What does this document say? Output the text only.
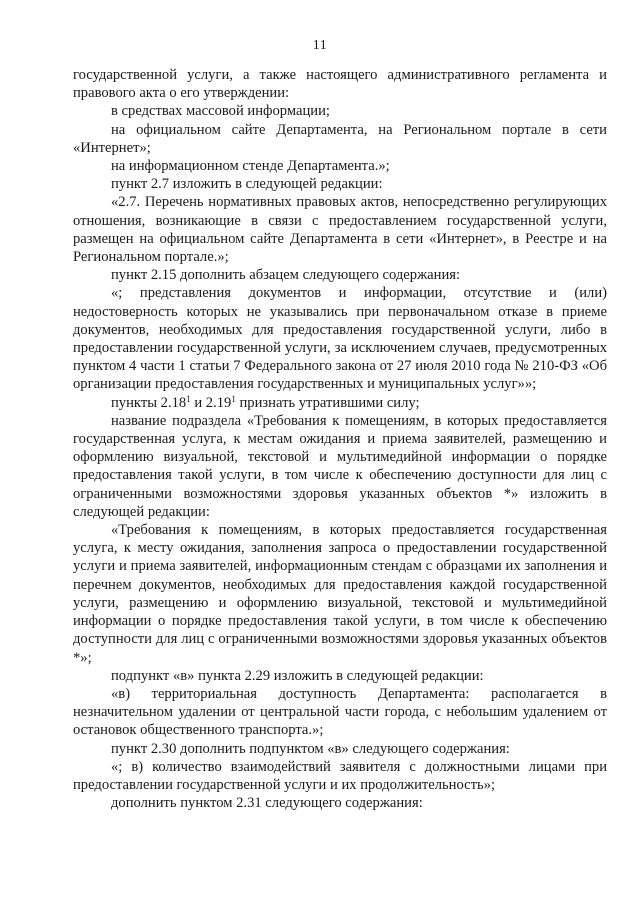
11

государственной услуги, а также настоящего административного регламента и правового акта о его утверждении:

в средствах массовой информации;

на официальном сайте Департамента, на Региональном портале в сети «Интернет»;

на информационном стенде Департамента.»;

пункт 2.7 изложить в следующей редакции:

«2.7. Перечень нормативных правовых актов, непосредственно регулирующих отношения, возникающие в связи с предоставлением государственной услуги, размещен на официальном сайте Департамента в сети «Интернет», в Реестре и на Региональном портале.»;

пункт 2.15 дополнить абзацем следующего содержания:

«; представления документов и информации, отсутствие и (или) недостоверность которых не указывались при первоначальном отказе в приеме документов, необходимых для предоставления государственной услуги, либо в предоставлении государственной услуги, за исключением случаев, предусмотренных пунктом 4 части 1 статьи 7 Федерального закона от 27 июля 2010 года № 210-ФЗ «Об организации предоставления государственных и муниципальных услуг»»;

пункты 2.18$^1$ и 2.19$^1$ признать утратившими силу;

название подраздела «Требования к помещениям, в которых предоставляется государственная услуга, к местам ожидания и приема заявителей, размещению и оформлению визуальной, текстовой и мультимедийной информации о порядке предоставления такой услуги, в том числе к обеспечению доступности для лиц с ограниченными возможностями здоровья указанных объектов *» изложить в следующей редакции:

«Требования к помещениям, в которых предоставляется государственная услуга, к месту ожидания, заполнения запроса о предоставлении государственной услуги и приема заявителей, информационным стендам с образцами их заполнения и перечнем документов, необходимых для предоставления каждой государственной услуги, размещению и оформлению визуальной, текстовой и мультимедийной информации о порядке предоставления такой услуги, в том числе к обеспечению доступности для лиц с ограниченными возможностями здоровья указанных объектов *»;

подпункт «в» пункта 2.29 изложить в следующей редакции:

«в) территориальная доступность Департамента: располагается в незначительном удалении от центральной части города, с небольшим удалением от остановок общественного транспорта.»;

пункт 2.30 дополнить подпунктом «в» следующего содержания:

«; в) количество взаимодействий заявителя с должностными лицами при предоставлении государственной услуги и их продолжительность»;

дополнить пунктом 2.31 следующего содержания:
